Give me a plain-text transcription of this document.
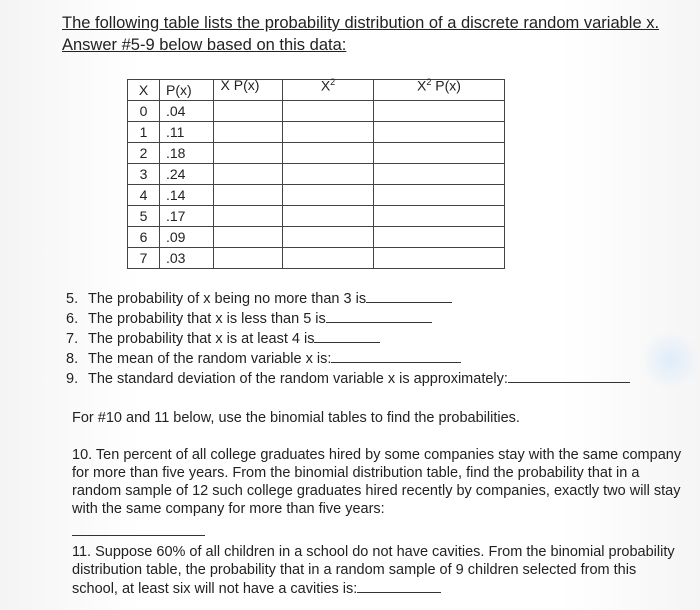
The following table lists the probability distribution of a discrete random variable x.
Answer #5-9 below based on this data:
X	P(x)	X P(x)	$X^2$	$X^2$ P(x)
0	.04			
1	.11			
2	.18			
3	.24			
4	.14			
5	.17			
6	.09			
7	.03			
5. The probability of x being no more than 3 is
6. The probability that x is less than 5 is
7. The probability that x is at least 4 is
8. The mean of the random variable x is:
9. The standard deviation of the random variable x is approximately:
For #10 and 11 below, use the binomial tables to find the probabilities.
10. Ten percent of all college graduates hired by some companies stay with the same company
for more than five years. From the binomial distribution table, find the probability that in a
random sample of 12 such college graduates hired recently by companies, exactly two will stay
with the same company for more than five years:
11. Suppose 60% of all children in a school do not have cavities. From the binomial probability
distribution table, the probability that in a random sample of 9 children selected from this
school, at least six will not have a cavities is:
